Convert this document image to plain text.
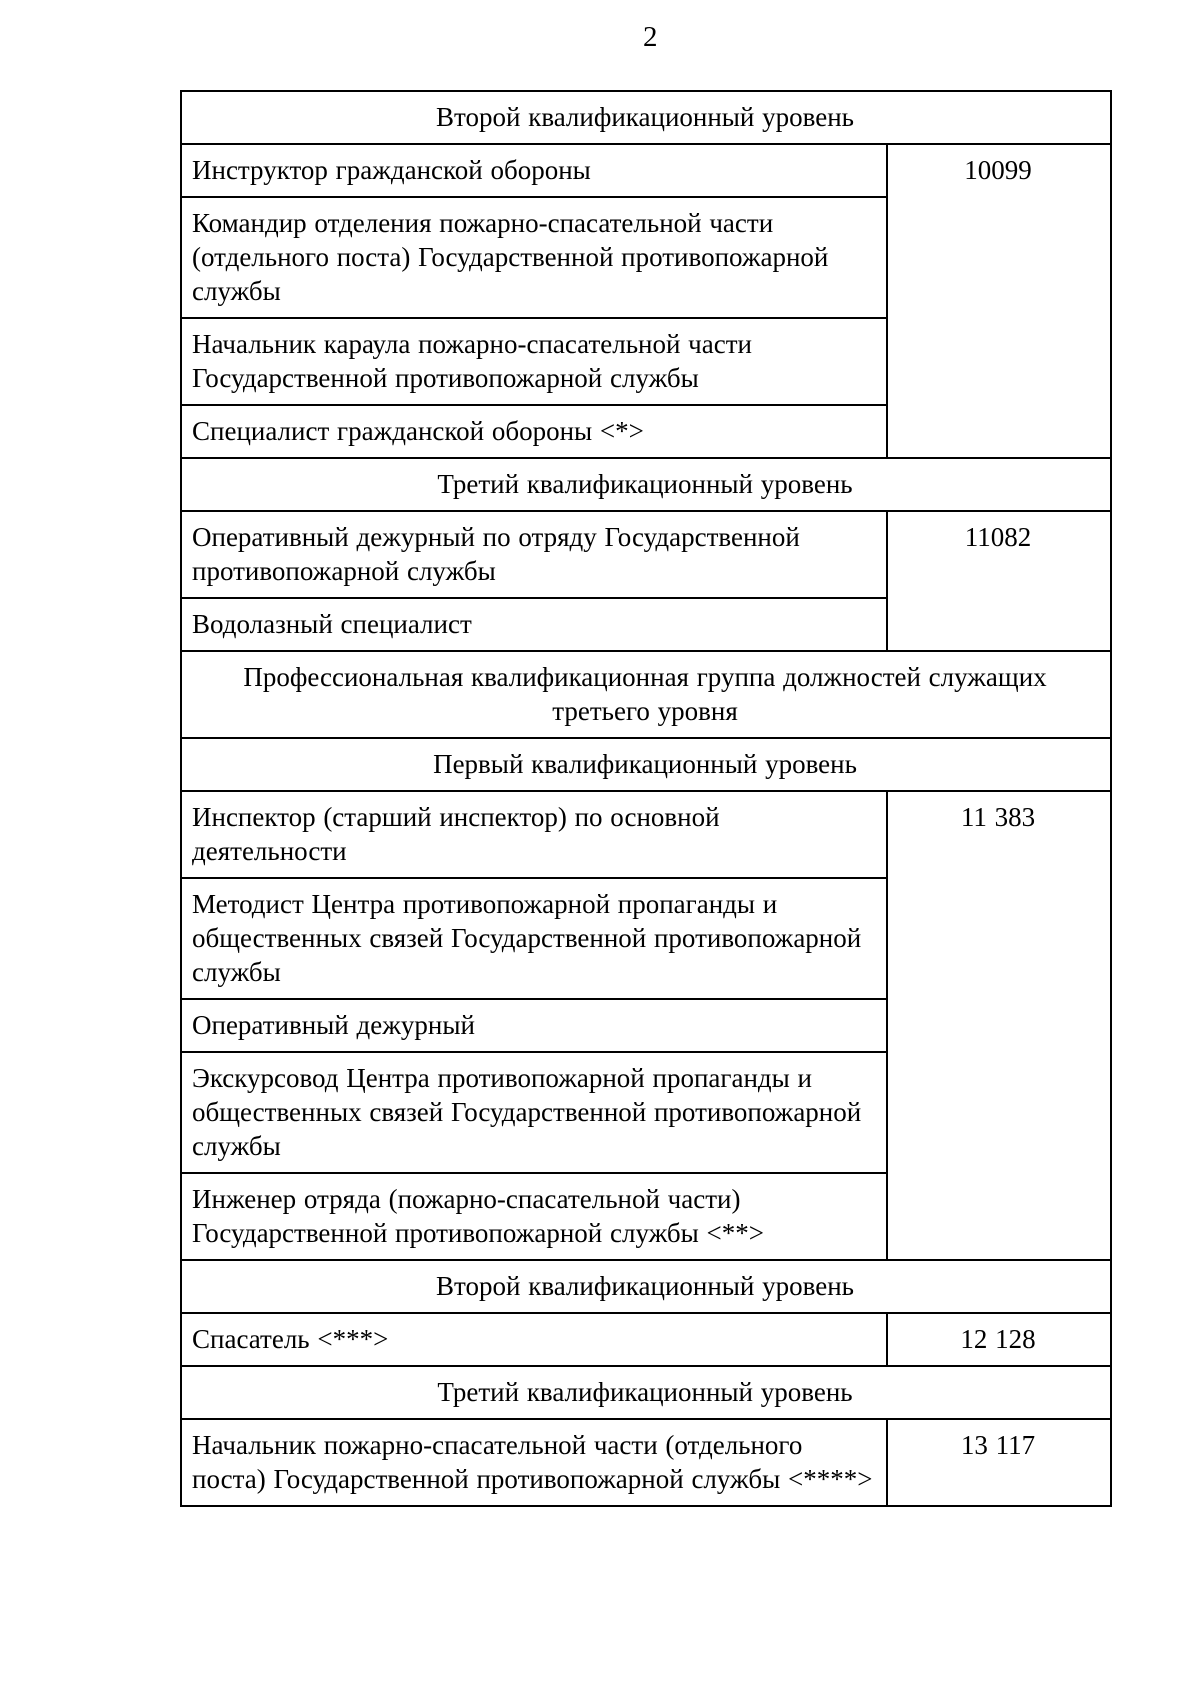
2
Второй квалификационный уровень	
Инструктор гражданской обороны	10099
Командир отделения пожарно-спасательной части (отдельного поста) Государственной противопожарной службы	
Начальник караула пожарно-спасательной части Государственной противопожарной службы	
Специалист гражданской обороны <*>	
Третий квалификационный уровень	
Оперативный дежурный по отряду Государственной противопожарной службы	11082
Водолазный специалист	
Профессиональная квалификационная группа должностей служащих третьего уровня	
Первый квалификационный уровень	
Инспектор (старший инспектор) по основной деятельности	11 383
Методист Центра противопожарной пропаганды и общественных связей Государственной противопожарной службы	
Оперативный дежурный	
Экскурсовод Центра противопожарной пропаганды и общественных связей Государственной противопожарной службы	
Инженер отряда (пожарно-спасательной части) Государственной противопожарной службы <**>	
Второй квалификационный уровень	
Спасатель <***>	12 128
Третий квалификационный уровень	
Начальник пожарно-спасательной части (отдельного поста) Государственной противопожарной службы <****>	13 117
